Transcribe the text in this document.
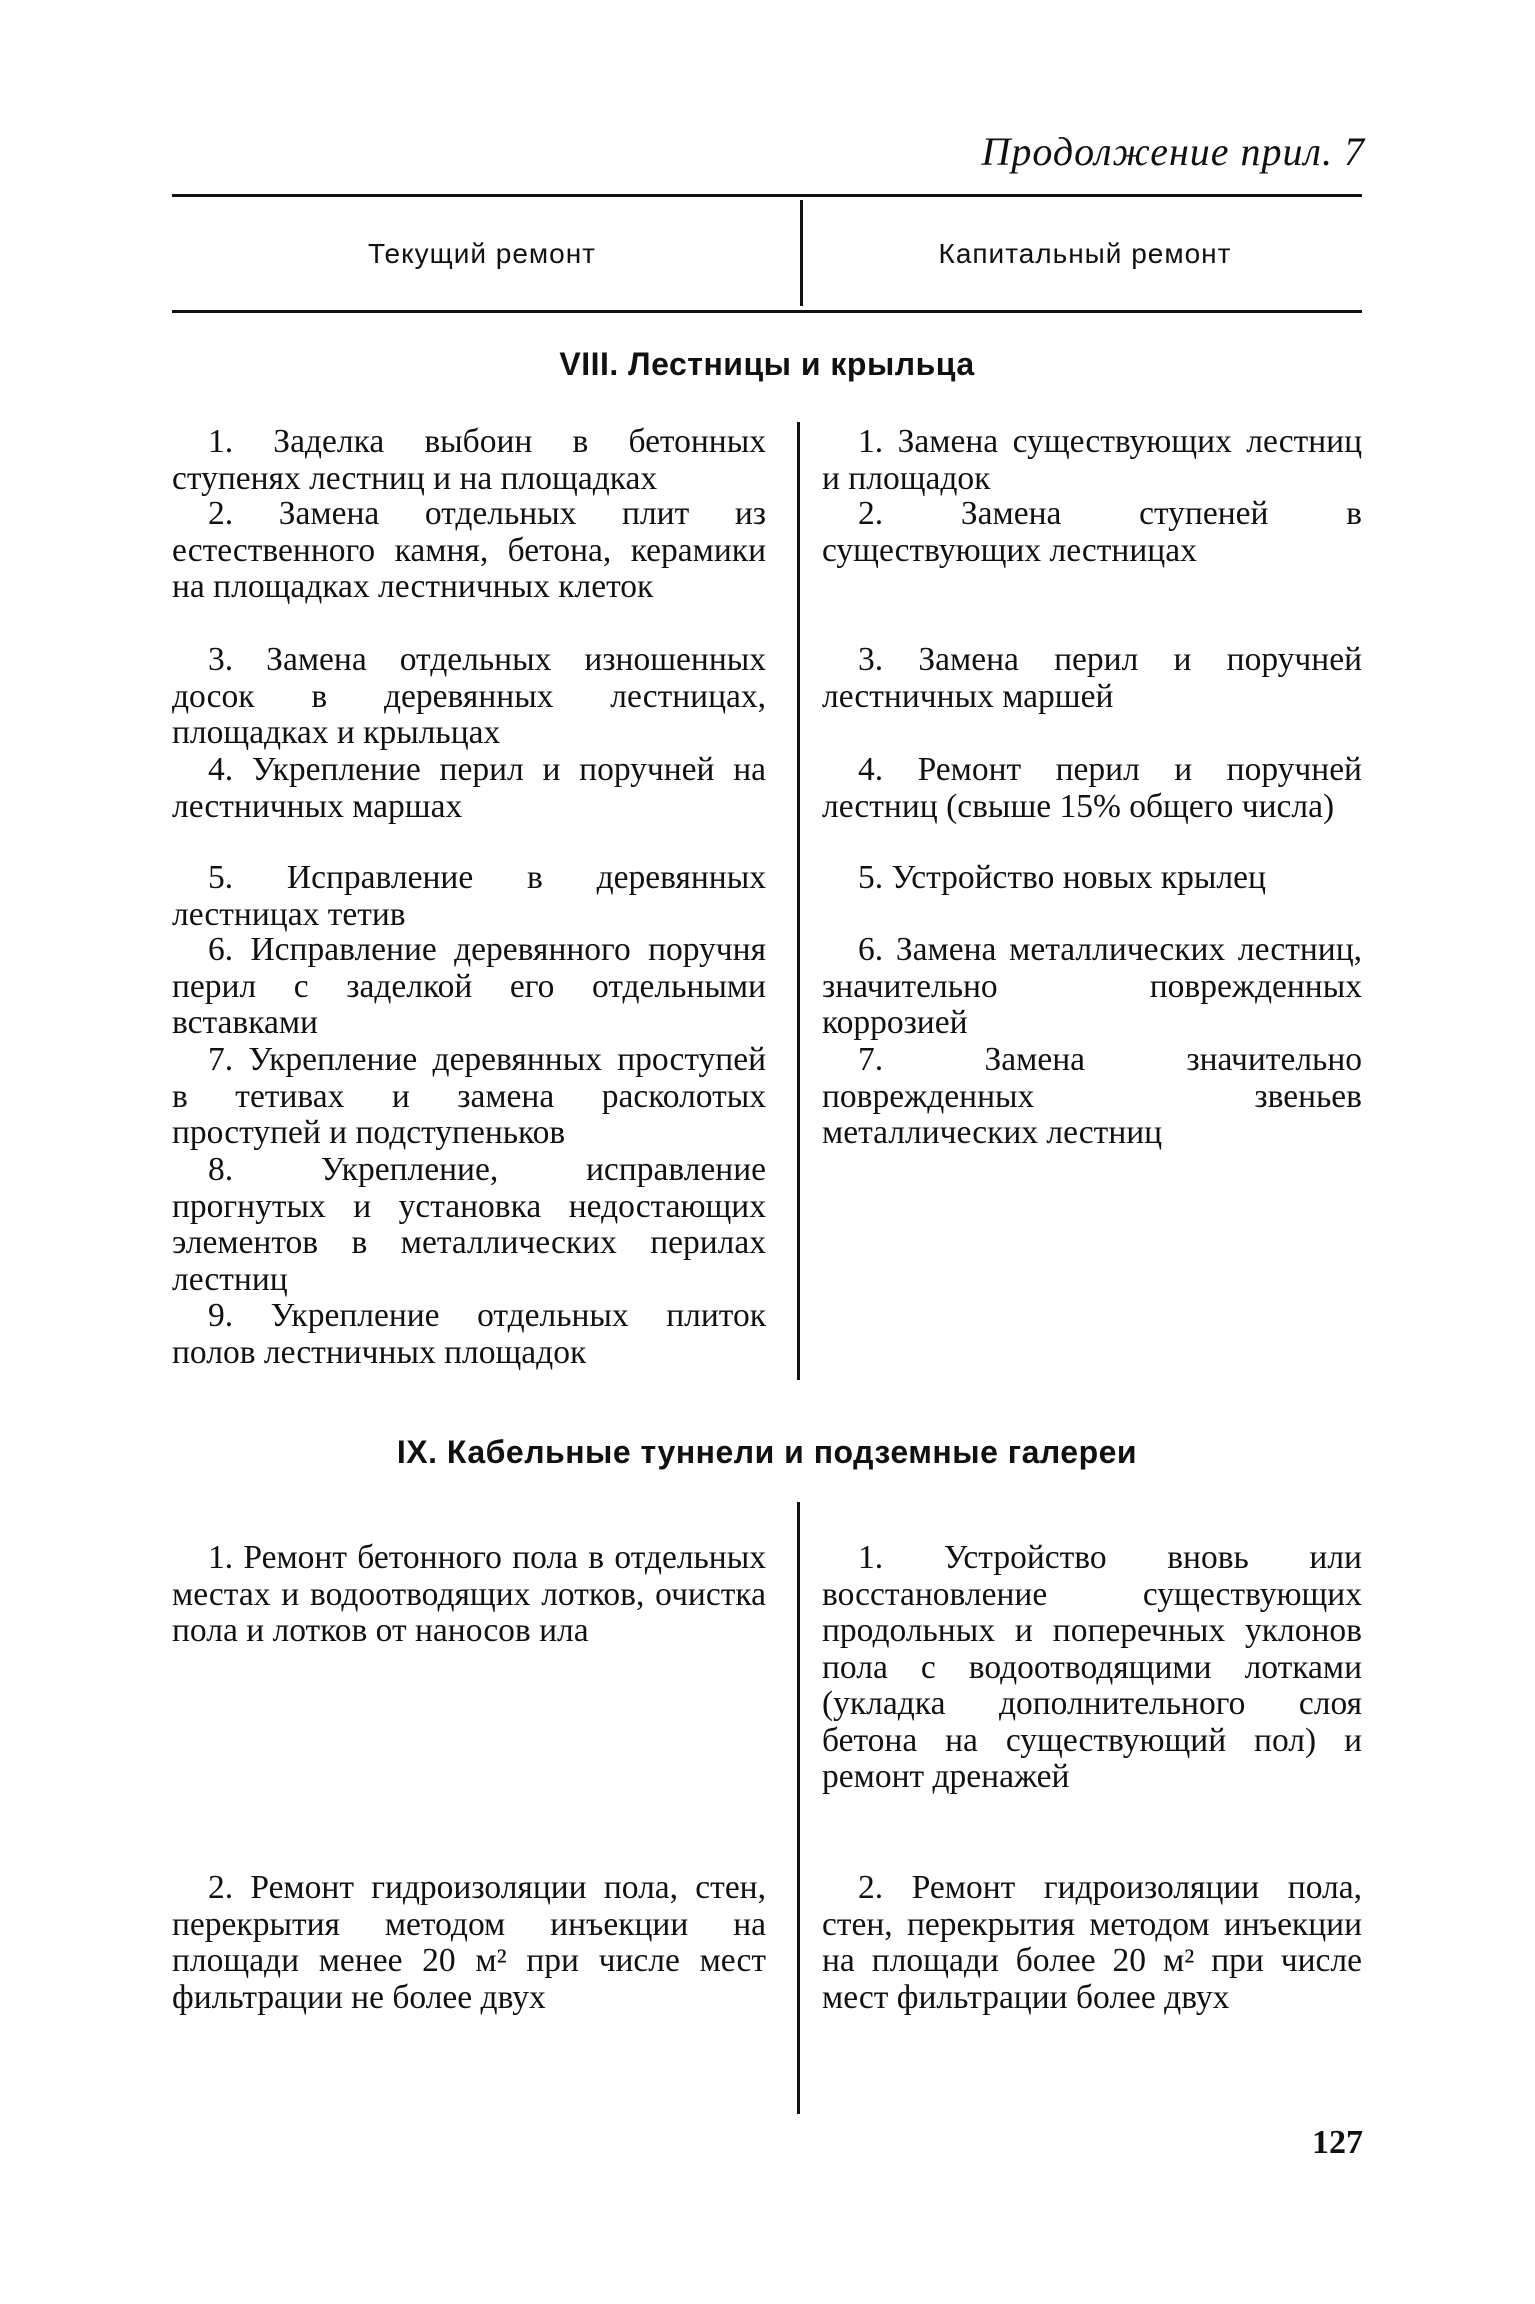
Продолжение прил. 7
Текущий ремонт	Капитальный ремонт
VIII. Лестницы и крыльца
1. Заделка выбоин в бетонных ступенях лестниц и на площадках
2. Замена отдельных плит из естественного камня, бетона, керамики на площадках лестничных клеток
3. Замена отдельных изношенных досок в деревянных лестницах, площадках и крыльцах
4. Укрепление перил и поручней на лестничных маршах
5. Исправление в деревянных лестницах тетив
6. Исправление деревянного поручня перил с заделкой его отдельными вставками
7. Укрепление деревянных проступей в тетивах и замена расколотых проступей и подступеньков
8. Укрепление, исправление прогнутых и установка недостающих элементов в металлических перилах лестниц
9. Укрепление отдельных плиток полов лестничных площадок
1. Замена существующих лестниц и площадок
2. Замена ступеней в существующих лестницах
3. Замена перил и поручней лестничных маршей
4. Ремонт перил и поручней лестниц (свыше 15% общего числа)
5. Устройство новых крылец
6. Замена металлических лестниц, значительно поврежденных коррозией
7. Замена значительно поврежденных звеньев металлических лестниц
IX. Кабельные туннели и подземные галереи
1. Ремонт бетонного пола в отдельных местах и водоотводящих лотков, очистка пола и лотков от наносов ила
2. Ремонт гидроизоляции пола, стен, перекрытия методом инъекции на площади менее 20 м² при числе мест фильтрации не более двух
1. Устройство вновь или восстановление существующих продольных и поперечных уклонов пола с водоотводящими лотками (укладка дополнительного слоя бетона на существующий пол) и ремонт дренажей
2. Ремонт гидроизоляции пола, стен, перекрытия методом инъекции на площади более 20 м² при числе мест фильтрации более двух
127
